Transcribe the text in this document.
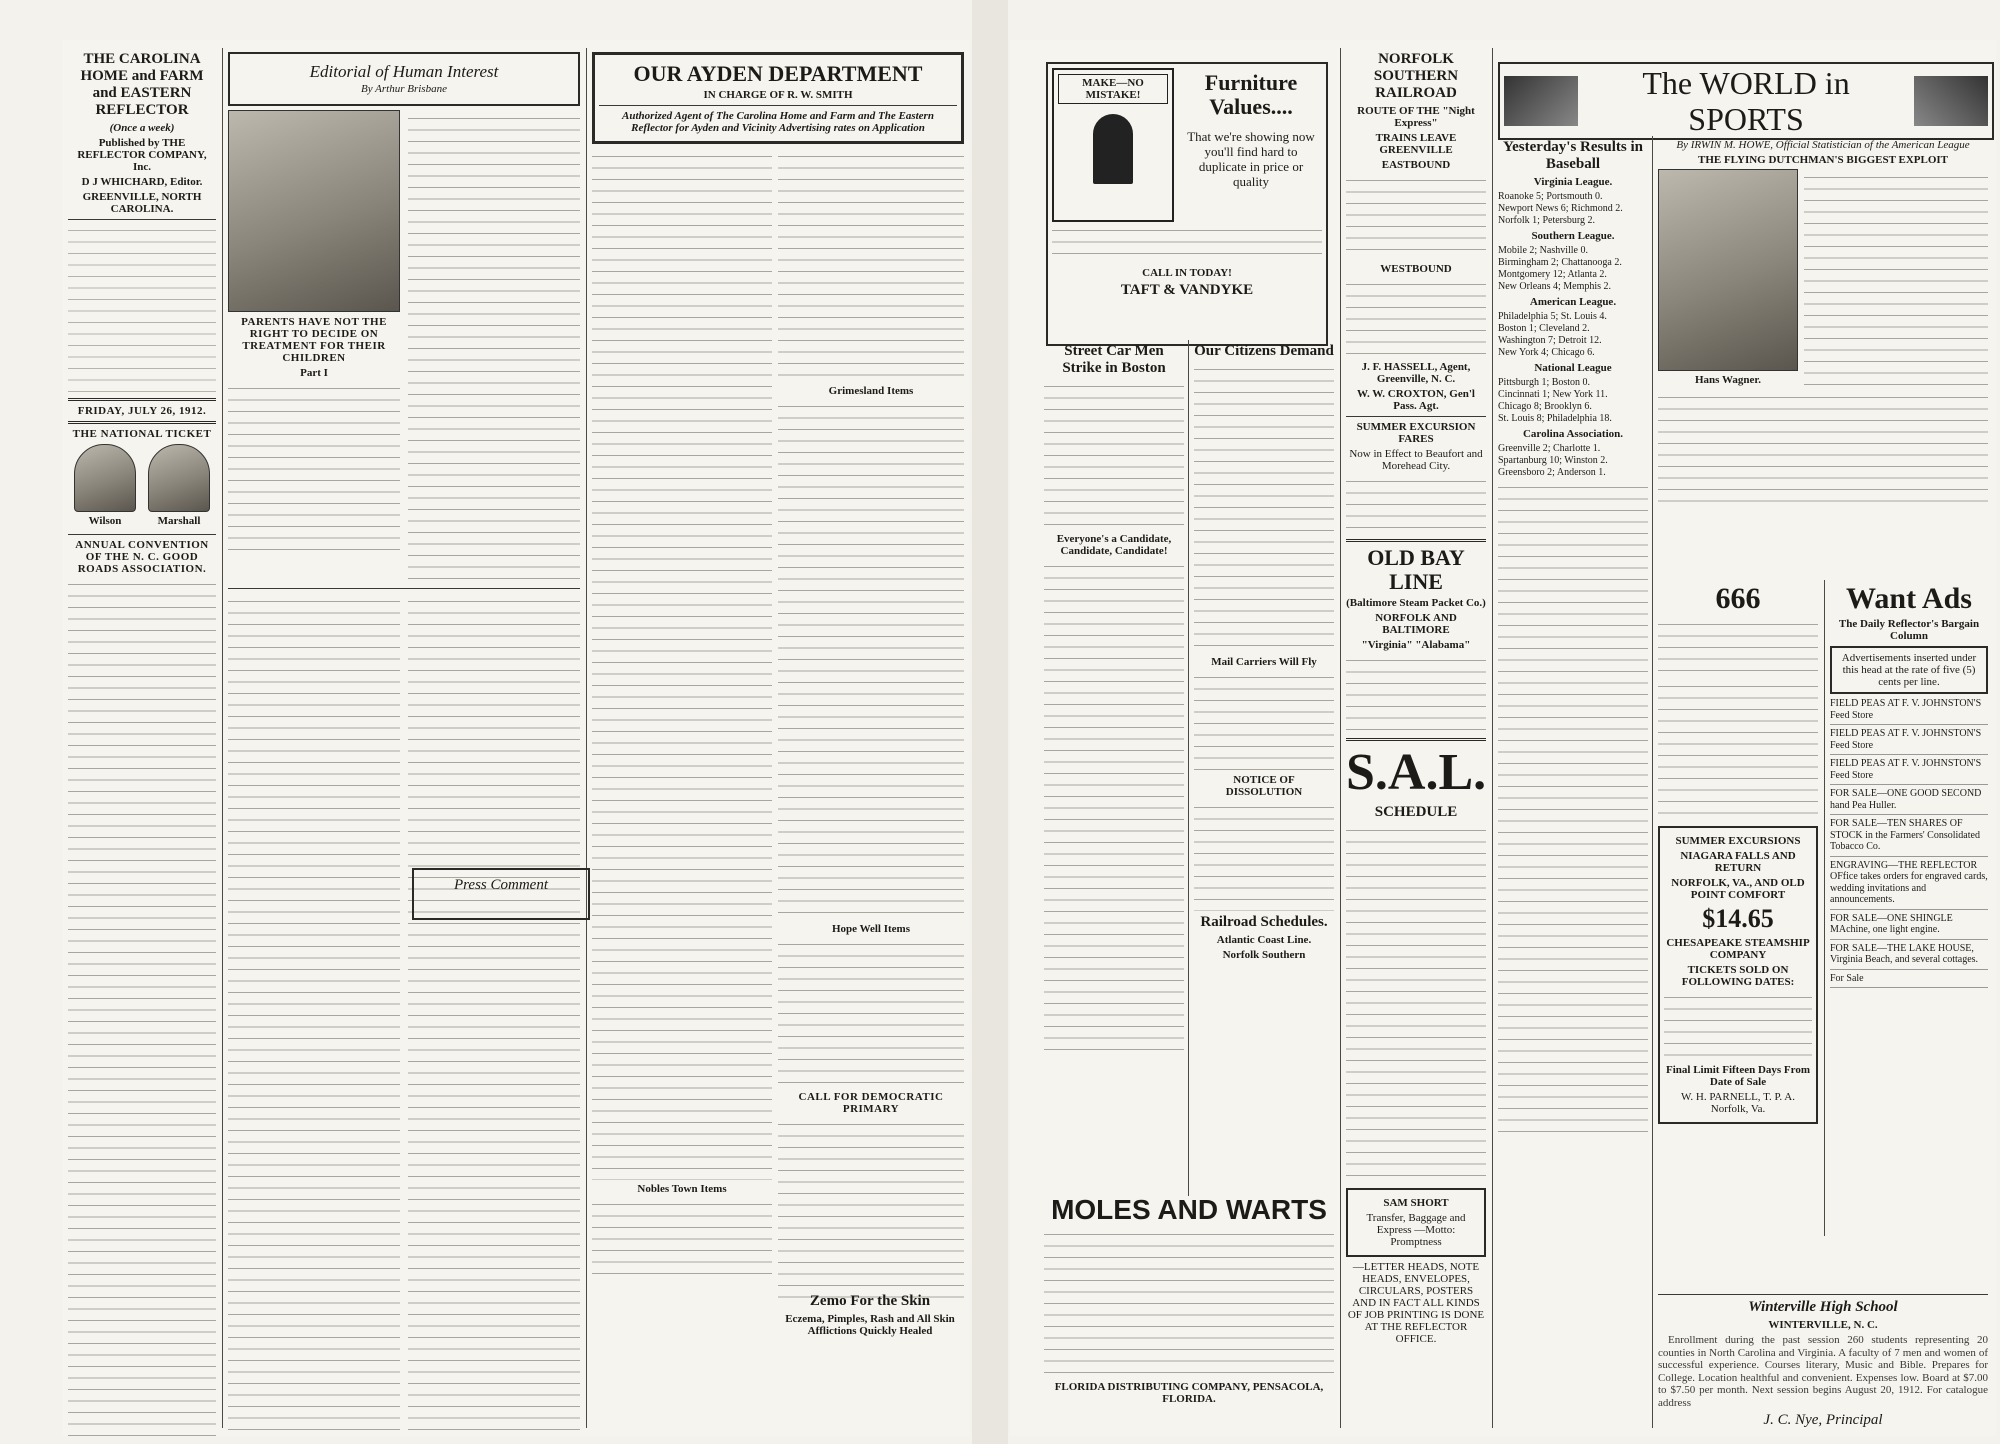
THE CAROLINA HOME and FARM and EASTERN REFLECTOR
(Once a week)
Published by THE REFLECTOR COMPANY, Inc.
D J WHICHARD, Editor.
GREENVILLE, NORTH CAROLINA.
FRIDAY, JULY 26, 1912.
THE NATIONAL TICKET
Wilson	Marshall
ANNUAL CONVENTION OF THE N. C. GOOD ROADS ASSOCIATION.
Editorial of Human Interest
By Arthur Brisbane
PARENTS HAVE NOT THE RIGHT TO DECIDE ON TREATMENT FOR THEIR CHILDREN
Part I
OUR AYDEN DEPARTMENT
IN CHARGE OF R. W. SMITH
Authorized Agent of The Carolina Home and Farm and The Eastern Reflector for Ayden and Vicinity Advertising rates on Application
Nobles Town Items
Grimesland Items
Hope Well Items
CALL FOR DEMOCRATIC PRIMARY
Press Comment
Zemo For the Skin
Eczema, Pimples, Rash and All Skin Afflictions Quickly Healed
MAKE—NO MISTAKE!	Furniture Values....
That we're showing now you'll find hard to duplicate in price or quality
CALL IN TODAY!
TAFT & VANDYKE
Street Car Men Strike in Boston
Everyone's a Candidate, Candidate, Candidate!
Our Citizens Demand
Mail Carriers Will Fly
NOTICE OF DISSOLUTION
Railroad Schedules.
Atlantic Coast Line.
Norfolk Southern
MOLES AND WARTS
FLORIDA DISTRIBUTING COMPANY, PENSACOLA, FLORIDA.
NORFOLK SOUTHERN RAILROAD
ROUTE OF THE "Night Express"
TRAINS LEAVE GREENVILLE
EASTBOUND
WESTBOUND
J. F. HASSELL, Agent, Greenville, N. C.
W. W. CROXTON, Gen'l Pass. Agt.
SUMMER EXCURSION FARES
Now in Effect to Beaufort and Morehead City.
OLD BAY LINE
(Baltimore Steam Packet Co.)
NORFOLK AND BALTIMORE
"Virginia" "Alabama"
S.A.L.
SCHEDULE
SAM SHORT
Transfer, Baggage and Express —Motto: Promptness
—LETTER HEADS, NOTE HEADS, ENVELOPES, CIRCULARS, POSTERS AND IN FACT ALL KINDS OF JOB PRINTING IS DONE AT THE REFLECTOR OFFICE.
The WORLD in SPORTS
Yesterday's Results in Baseball
Virginia League.
Roanoke 5; Portsmouth 0.
Newport News 6; Richmond 2.
Norfolk 1; Petersburg 2.
Southern League.
Mobile 2; Nashville 0.
Birmingham 2; Chattanooga 2.
Montgomery 12; Atlanta 2.
New Orleans 4; Memphis 2.
American League.
Philadelphia 5; St. Louis 4.
Boston 1; Cleveland 2.
Washington 7; Detroit 12.
New York 4; Chicago 6.
National League
Pittsburgh 1; Boston 0.
Cincinnati 1; New York 11.
Chicago 8; Brooklyn 6.
St. Louis 8; Philadelphia 18.
Carolina Association.
Greenville 2; Charlotte 1.
Spartanburg 10; Winston 2.
Greensboro 2; Anderson 1.
By IRWIN M. HOWE, Official Statistician of the American League
THE FLYING DUTCHMAN'S BIGGEST EXPLOIT
Hans Wagner.
666
SUMMER EXCURSIONS
NIAGARA FALLS AND RETURN
NORFOLK, VA., AND OLD POINT COMFORT
$14.65
CHESAPEAKE STEAMSHIP COMPANY
TICKETS SOLD ON FOLLOWING DATES:
Final Limit Fifteen Days From Date of Sale
W. H. PARNELL, T. P. A. Norfolk, Va.
Want Ads
The Daily Reflector's Bargain Column
Advertisements inserted under this head at the rate of five (5) cents per line.
FIELD PEAS AT F. V. JOHNSTON'S Feed Store
FIELD PEAS AT F. V. JOHNSTON'S Feed Store
FIELD PEAS AT F. V. JOHNSTON'S Feed Store
FOR SALE—ONE GOOD SECOND hand Pea Huller.
FOR SALE—TEN SHARES OF STOCK in the Farmers' Consolidated Tobacco Co.
ENGRAVING—THE REFLECTOR OFfice takes orders for engraved cards, wedding invitations and announcements.
FOR SALE—ONE SHINGLE MAchine, one light engine.
FOR SALE—THE LAKE HOUSE, Virginia Beach, and several cottages.
For Sale
Winterville High School
WINTERVILLE, N. C.
Enrollment during the past session 260 students representing 20 counties in North Carolina and Virginia. A faculty of 7 men and women of successful experience. Courses literary, Music and Bible. Prepares for College. Location healthful and convenient. Expenses low. Board at $7.00 to $7.50 per month. Next session begins August 20, 1912. For catalogue address
J. C. Nye, Principal
